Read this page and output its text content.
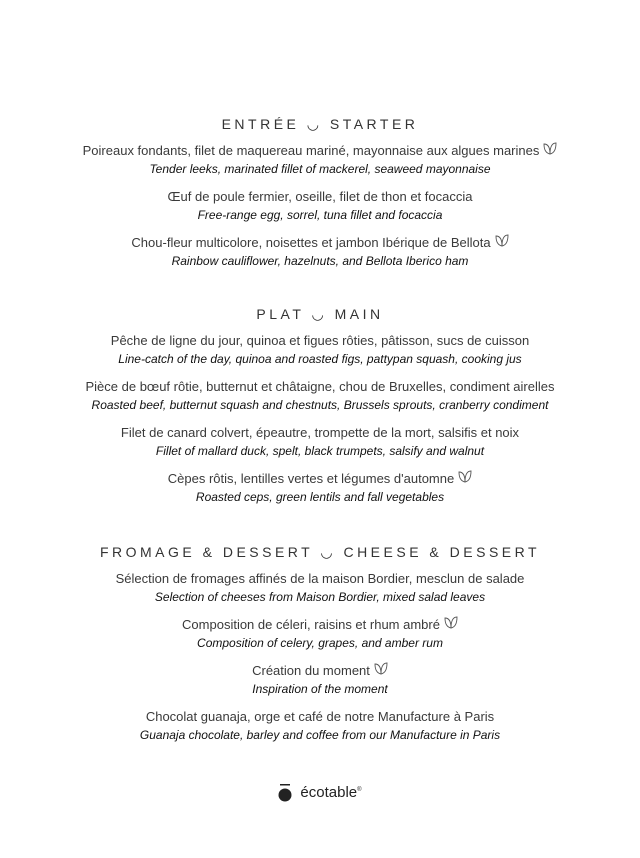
ENTRÉE ◡ STARTER
Poireaux fondants, filet de maquereau mariné, mayonnaise aux algues marines
Tender leeks, marinated fillet of mackerel, seaweed mayonnaise
Œuf de poule fermier, oseille, filet de thon et focaccia
Free-range egg, sorrel, tuna fillet and focaccia
Chou-fleur multicolore, noisettes et jambon Ibérique de Bellota
Rainbow cauliflower, hazelnuts, and Bellota Iberico ham
PLAT ◡ MAIN
Pêche de ligne du jour, quinoa et figues rôties, pâtisson, sucs de cuisson
Line-catch of the day, quinoa and roasted figs, pattypan squash, cooking jus
Pièce de bœuf rôtie, butternut et châtaigne, chou de Bruxelles, condiment airelles
Roasted beef, butternut squash and chestnuts, Brussels sprouts, cranberry condiment
Filet de canard colvert, épeautre, trompette de la mort, salsifis et noix
Fillet of mallard duck, spelt, black trumpets, salsify and walnut
Cèpes rôtis, lentilles vertes et légumes d'automne
Roasted ceps, green lentils and fall vegetables
FROMAGE & DESSERT ◡ CHEESE & DESSERT
Sélection de fromages affinés de la maison Bordier, mesclun de salade
Selection of cheeses from Maison Bordier, mixed salad leaves
Composition de céleri, raisins et rhum ambré
Composition of celery, grapes, and amber rum
Création du moment
Inspiration of the moment
Chocolat guanaja, orge et café de notre Manufacture à Paris
Guanaja chocolate, barley and coffee from our Manufacture in Paris
écotable®
